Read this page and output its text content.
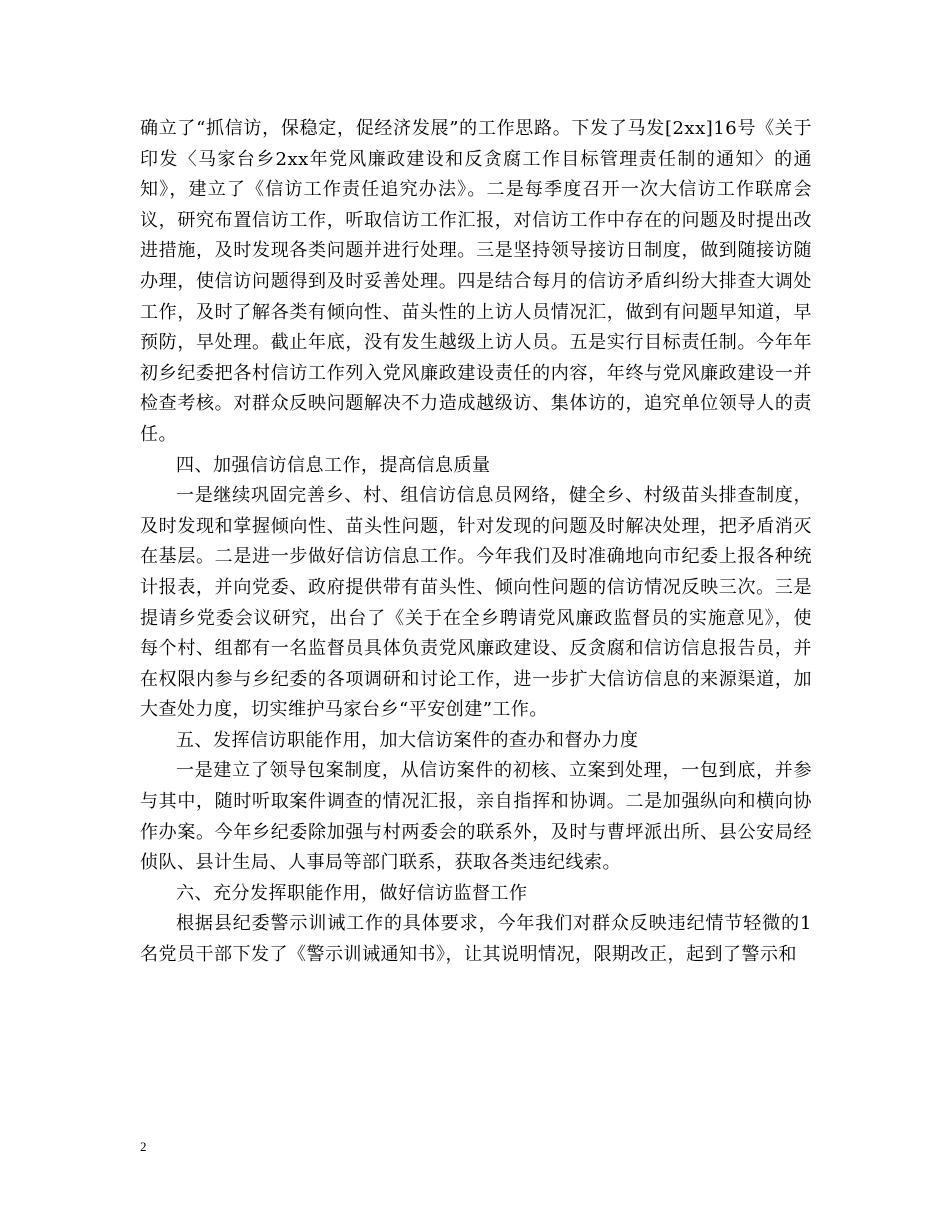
确立了“抓信访，保稳定，促经济发展”的工作思路。下发了马发[2xx]16号《关于印发〈马家台乡2xx年党风廉政建设和反贪腐工作目标管理责任制的通知〉的通知》，建立了《信访工作责任追究办法》。二是每季度召开一次大信访工作联席会议，研究布置信访工作，听取信访工作汇报，对信访工作中存在的问题及时提出改进措施，及时发现各类问题并进行处理。三是坚持领导接访日制度，做到随接访随办理，使信访问题得到及时妥善处理。四是结合每月的信访矛盾纠纷大排查大调处工作，及时了解各类有倾向性、苗头性的上访人员情况汇，做到有问题早知道，早预防，早处理。截止年底，没有发生越级上访人员。五是实行目标责任制。今年年初乡纪委把各村信访工作列入党风廉政建设责任的内容，年终与党风廉政建设一并检查考核。对群众反映问题解决不力造成越级访、集体访的，追究单位领导人的责任。

四、加强信访信息工作，提高信息质量

一是继续巩固完善乡、村、组信访信息员网络，健全乡、村级苗头排查制度，及时发现和掌握倾向性、苗头性问题，针对发现的问题及时解决处理，把矛盾消灭在基层。二是进一步做好信访信息工作。今年我们及时准确地向市纪委上报各种统计报表，并向党委、政府提供带有苗头性、倾向性问题的信访情况反映三次。三是提请乡党委会议研究，出台了《关于在全乡聘请党风廉政监督员的实施意见》，使每个村、组都有一名监督员具体负责党风廉政建设、反贪腐和信访信息报告员，并在权限内参与乡纪委的各项调研和讨论工作，进一步扩大信访信息的来源渠道，加大查处力度，切实维护马家台乡“平安创建”工作。

五、发挥信访职能作用，加大信访案件的查办和督办力度

一是建立了领导包案制度，从信访案件的初核、立案到处理，一包到底，并参与其中，随时听取案件调查的情况汇报，亲自指挥和协调。二是加强纵向和横向协作办案。今年乡纪委除加强与村两委会的联系外，及时与曹坪派出所、县公安局经侦队、县计生局、人事局等部门联系，获取各类违纪线索。

六、充分发挥职能作用，做好信访监督工作

根据县纪委警示训诫工作的具体要求，今年我们对群众反映违纪情节轻微的1名党员干部下发了《警示训诫通知书》，让其说明情况，限期改正，起到了警示和

2
